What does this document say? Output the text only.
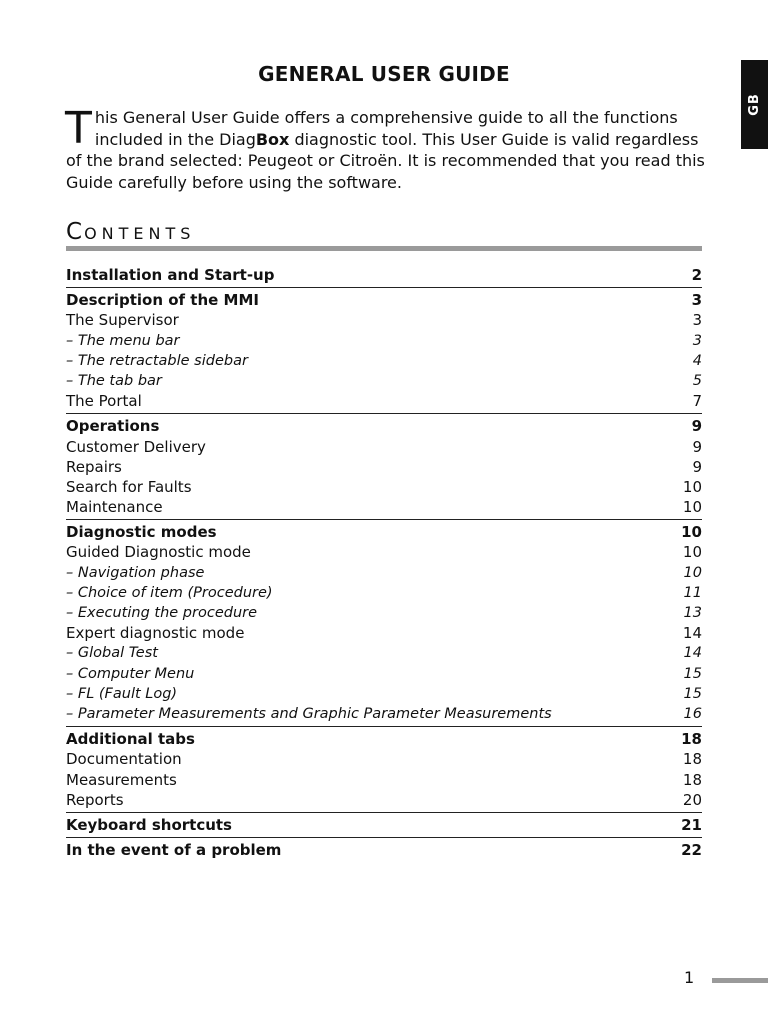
GB
GENERAL USER GUIDE
This General User Guide offers a comprehensive guide to all the functions included in the DiagBox diagnostic tool. This User Guide is valid regardless of the brand selected: Peugeot or Citroën. It is recommended that you read this Guide carefully before using the software.
CONTENTS
Installation and Start-up	2
Description of the MMI	3
The Supervisor	3
– The menu bar	3
– The retractable sidebar	4
– The tab bar	5
The Portal	7
Operations	9
Customer Delivery	9
Repairs	9
Search for Faults	10
Maintenance	10
Diagnostic modes	10
Guided Diagnostic mode	10
– Navigation phase	10
– Choice of item (Procedure)	11
– Executing the procedure	13
Expert diagnostic mode	14
– Global Test	14
– Computer Menu	15
– FL (Fault Log)	15
– Parameter Measurements and Graphic Parameter Measurements	16
Additional tabs	18
Documentation	18
Measurements	18
Reports	20
Keyboard shortcuts	21
In the event of a problem	22
1
